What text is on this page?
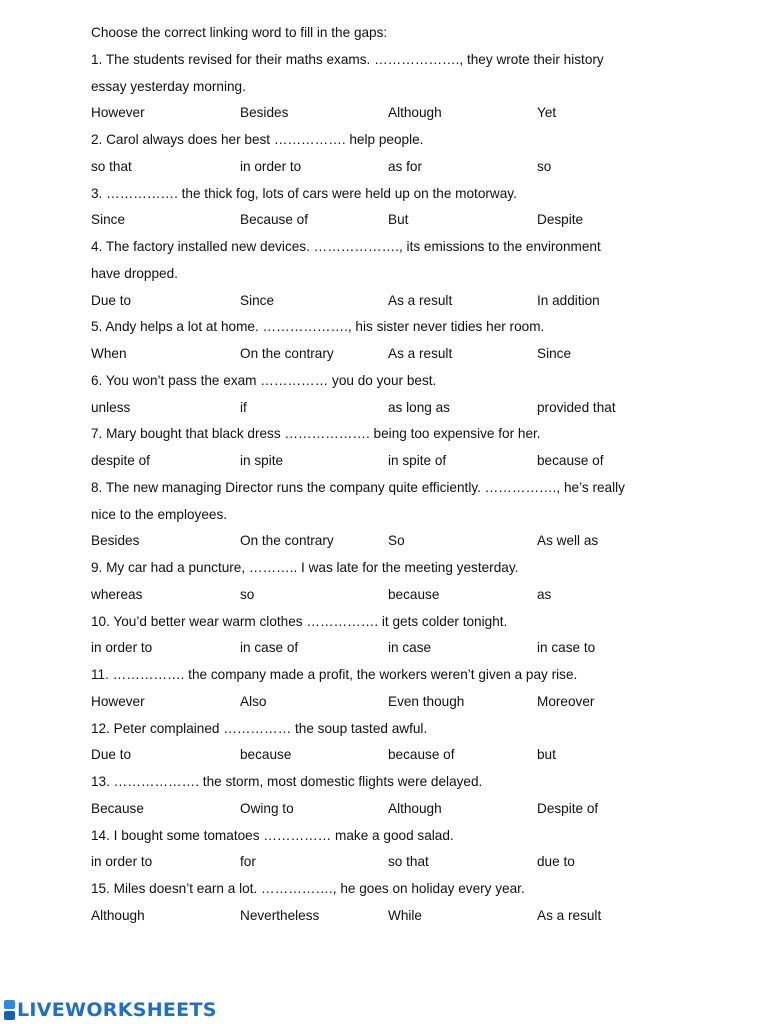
Choose the correct linking word to fill in the gaps:
1. The students revised for their maths exams. ………………., they wrote their history
essay yesterday morning.
However	Besides	Although	Yet
2. Carol always does her best ……………. help people.
so that	in order to	as for	so
3. ……………. the thick fog, lots of cars were held up on the motorway.
Since	Because of	But	Despite
4. The factory installed new devices. ………………., its emissions to the environment
have dropped.
Due to	Since	As a result	In addition
5. Andy helps a lot at home. ………………., his sister never tidies her room.
When	On the contrary	As a result	Since
6. You won’t pass the exam …………… you do your best.
unless	if	as long as	provided that
7. Mary bought that black dress ………………. being too expensive for her.
despite of	in spite	in spite of	because of
8. The new managing Director runs the company quite efficiently. ……………., he’s really
nice to the employees.
Besides	On the contrary	So	As well as
9. My car had a puncture, ……….. I was late for the meeting yesterday.
whereas	so	because	as
10. You’d better wear warm clothes ……………. it gets colder tonight.
in order to	in case of	in case	in case to
11. ……………. the company made a profit, the workers weren’t given a pay rise.
However	Also	Even though	Moreover
12. Peter complained …………… the soup tasted awful.
Due to	because	because of	but
13. ………………. the storm, most domestic flights were delayed.
Because	Owing to	Although	Despite of
14. I bought some tomatoes …………… make a good salad.
in order to	for	so that	due to
15. Miles doesn’t earn a lot. ……………., he goes on holiday every year.
Although	Nevertheless	While	As a result
LIVEWORKSHEETS
